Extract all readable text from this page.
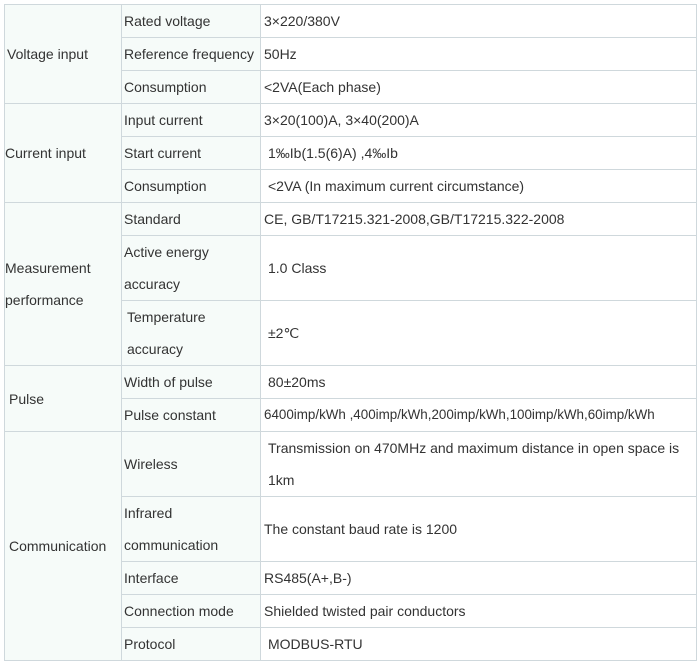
Voltage input	Rated voltage	3×220/380V

	Reference frequency	50Hz

	Consumption	<2VA(Each phase)

Current input	Input current	3×20(100)A, 3×40(200)A

	Start current	1‰Ib(1.5(6)A) ,4‰Ib

	Consumption	<2VA (In maximum current circumstance)

Measurement performance	Standard	CE, GB/T17215.321-2008,GB/T17215.322-2008

	Active energy accuracy	1.0 Class

	Temperature accuracy	±2℃

Pulse	Width of pulse	80±20ms

	Pulse constant	6400imp/kWh ,400imp/kWh,200imp/kWh,100imp/kWh,60imp/kWh

Communication	Wireless	Transmission on 470MHz and maximum distance in open space is 1km

	Infrared communication	The constant baud rate is 1200

	Interface	RS485(A+,B-)

	Connection mode	Shielded twisted pair conductors

	Protocol	MODBUS-RTU
